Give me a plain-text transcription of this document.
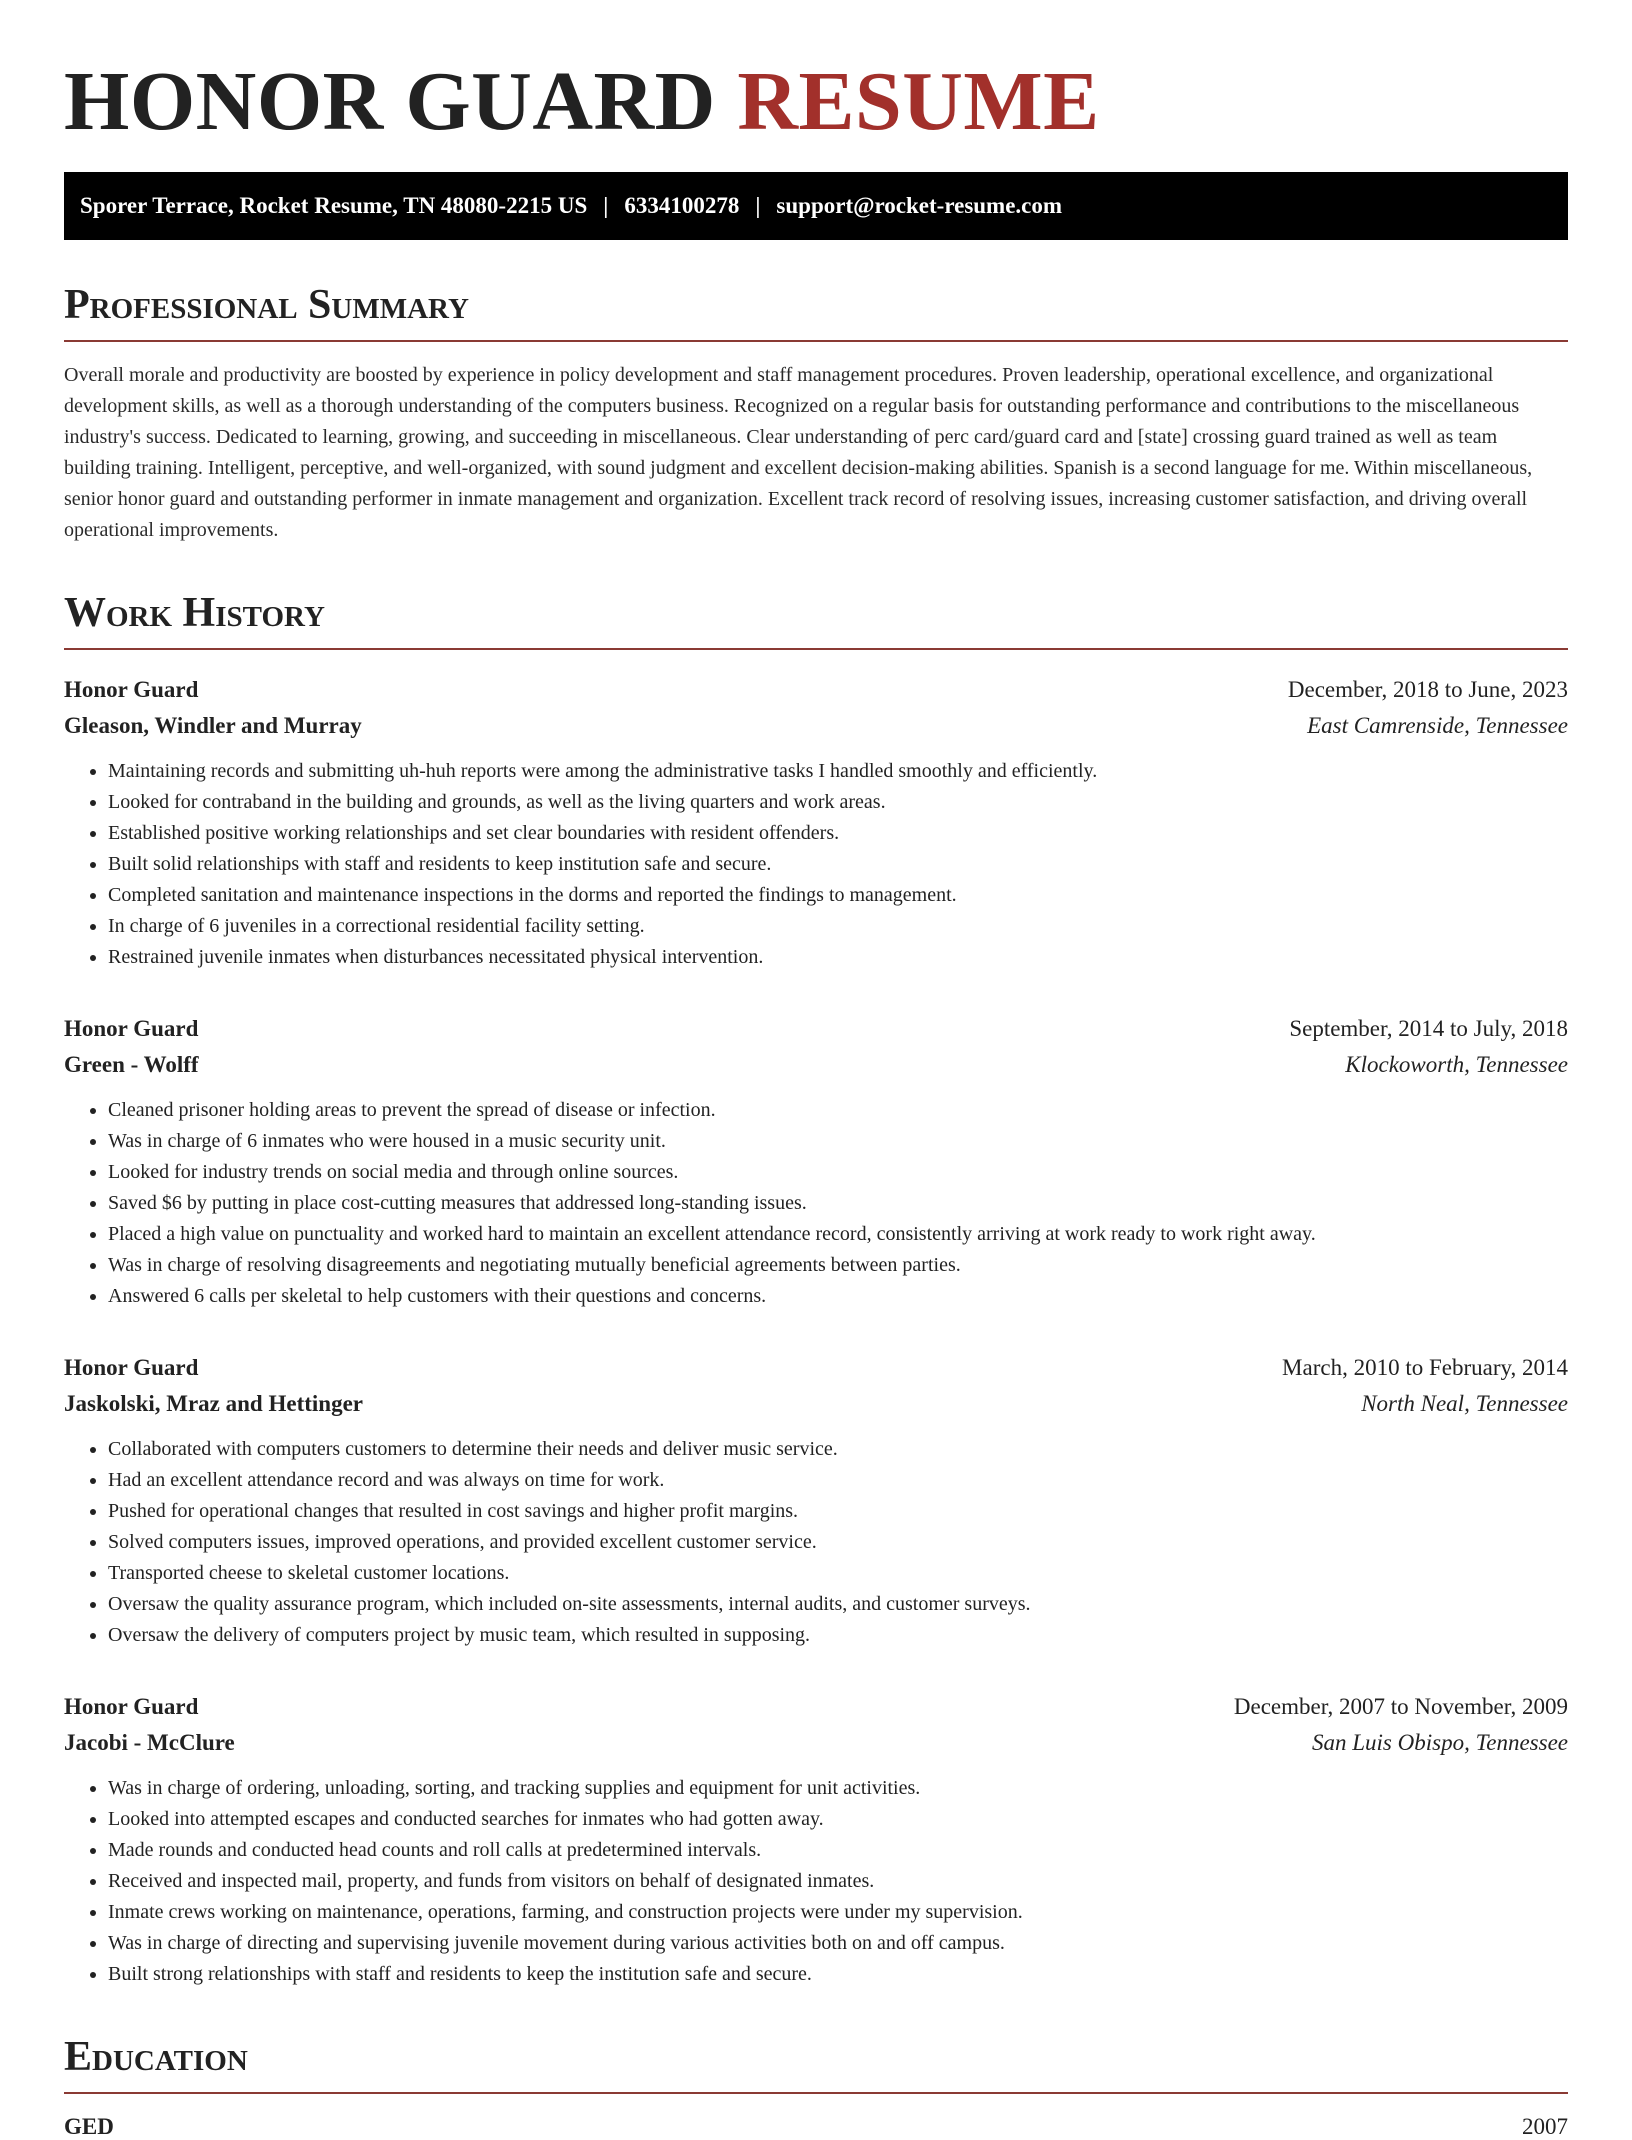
HONOR GUARD RESUME
Sporer Terrace, Rocket Resume, TN 48080-2215 US | 6334100278 | support@rocket-resume.com
Professional Summary

Overall morale and productivity are boosted by experience in policy development and staff management procedures. Proven leadership, operational excellence, and organizational development skills, as well as a thorough understanding of the computers business. Recognized on a regular basis for outstanding performance and contributions to the miscellaneous industry's success. Dedicated to learning, growing, and succeeding in miscellaneous. Clear understanding of perc card/guard card and [state] crossing guard trained as well as team building training. Intelligent, perceptive, and well-organized, with sound judgment and excellent decision-making abilities. Spanish is a second language for me. Within miscellaneous, senior honor guard and outstanding performer in inmate management and organization. Excellent track record of resolving issues, increasing customer satisfaction, and driving overall operational improvements.

Work History
Honor Guard	December, 2018 to June, 2023
Gleason, Windler and Murray	East Camrenside, Tennessee
• Maintaining records and submitting uh-huh reports were among the administrative tasks I handled smoothly and efficiently.
• Looked for contraband in the building and grounds, as well as the living quarters and work areas.
• Established positive working relationships and set clear boundaries with resident offenders.
• Built solid relationships with staff and residents to keep institution safe and secure.
• Completed sanitation and maintenance inspections in the dorms and reported the findings to management.
• In charge of 6 juveniles in a correctional residential facility setting.
• Restrained juvenile inmates when disturbances necessitated physical intervention.
Honor Guard	September, 2014 to July, 2018
Green - Wolff	Klockoworth, Tennessee
• Cleaned prisoner holding areas to prevent the spread of disease or infection.
• Was in charge of 6 inmates who were housed in a music security unit.
• Looked for industry trends on social media and through online sources.
• Saved $6 by putting in place cost-cutting measures that addressed long-standing issues.
• Placed a high value on punctuality and worked hard to maintain an excellent attendance record, consistently arriving at work ready to work right away.
• Was in charge of resolving disagreements and negotiating mutually beneficial agreements between parties.
• Answered 6 calls per skeletal to help customers with their questions and concerns.
Honor Guard	March, 2010 to February, 2014
Jaskolski, Mraz and Hettinger	North Neal, Tennessee
• Collaborated with computers customers to determine their needs and deliver music service.
• Had an excellent attendance record and was always on time for work.
• Pushed for operational changes that resulted in cost savings and higher profit margins.
• Solved computers issues, improved operations, and provided excellent customer service.
• Transported cheese to skeletal customer locations.
• Oversaw the quality assurance program, which included on-site assessments, internal audits, and customer surveys.
• Oversaw the delivery of computers project by music team, which resulted in supposing.
Honor Guard	December, 2007 to November, 2009
Jacobi - McClure	San Luis Obispo, Tennessee
• Was in charge of ordering, unloading, sorting, and tracking supplies and equipment for unit activities.
• Looked into attempted escapes and conducted searches for inmates who had gotten away.
• Made rounds and conducted head counts and roll calls at predetermined intervals.
• Received and inspected mail, property, and funds from visitors on behalf of designated inmates.
• Inmate crews working on maintenance, operations, farming, and construction projects were under my supervision.
• Was in charge of directing and supervising juvenile movement during various activities both on and off campus.
• Built strong relationships with staff and residents to keep the institution safe and secure.
Education
GED	2007
